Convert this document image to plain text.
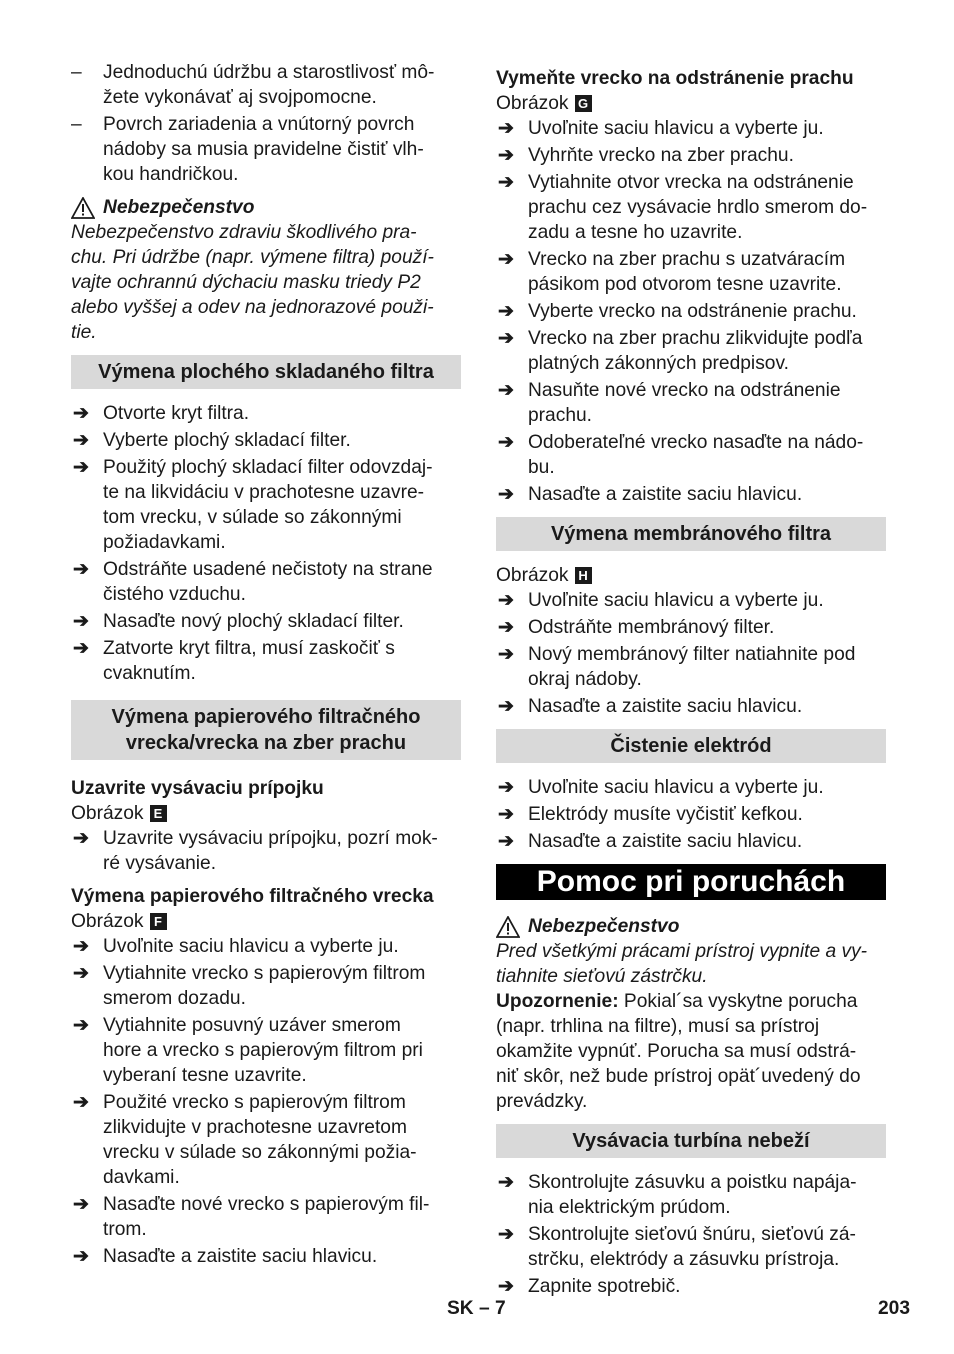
– Jednoduchú údržbu a starostlivosť mô-
žete vykonávať aj svojpomocne.
– Povrch zariadenia a vnútorný povrch
nádoby sa musia pravidelne čistiť vlh-
kou handričkou.
Nebezpečenstvo
Nebezpečenstvo zdraviu škodlivého pra-
chu. Pri údržbe (napr. výmene filtra) použí-
vajte ochrannú dýchaciu masku triedy P2
alebo vyššej a odev na jednorazové použi-
tie.
Výmena plochého skladaného filtra
➔ Otvorte kryt filtra.
➔ Vyberte plochý skladací filter.
➔ Použitý plochý skladací filter odovzdaj-
te na likvidáciu v prachotesne uzavre-
tom vrecku, v súlade so zákonnými
požiadavkami.
➔ Odstráňte usadené nečistoty na strane
čistého vzduchu.
➔ Nasaďte nový plochý skladací filter.
➔ Zatvorte kryt filtra, musí zaskočiť s
cvaknutím.
Výmena papierového filtračného
vrecka/vrecka na zber prachu
Uzavrite vysávaciu prípojku
Obrázok E
➔ Uzavrite vysávaciu prípojku, pozrí mok-
ré vysávanie.
Výmena papierového filtračného vrecka
Obrázok F
➔ Uvoľnite saciu hlavicu a vyberte ju.
➔ Vytiahnite vrecko s papierovým filtrom
smerom dozadu.
➔ Vytiahnite posuvný uzáver smerom
hore a vrecko s papierovým filtrom pri
vyberaní tesne uzavrite.
➔ Použité vrecko s papierovým filtrom
zlikvidujte v prachotesne uzavretom
vrecku v súlade so zákonnými požia-
davkami.
➔ Nasaďte nové vrecko s papierovým fil-
trom.
➔ Nasaďte a zaistite saciu hlavicu.
Vymeňte vrecko na odstránenie prachu
Obrázok G
➔ Uvoľnite saciu hlavicu a vyberte ju.
➔ Vyhrňte vrecko na zber prachu.
➔ Vytiahnite otvor vrecka na odstránenie
prachu cez vysávacie hrdlo smerom do-
zadu a tesne ho uzavrite.
➔ Vrecko na zber prachu s uzatváracím
pásikom pod otvorom tesne uzavrite.
➔ Vyberte vrecko na odstránenie prachu.
➔ Vrecko na zber prachu zlikvidujte podľa
platných zákonných predpisov.
➔ Nasuňte nové vrecko na odstránenie
prachu.
➔ Odoberateľné vrecko nasaďte na nádo-
bu.
➔ Nasaďte a zaistite saciu hlavicu.
Výmena membránového filtra
Obrázok H
➔ Uvoľnite saciu hlavicu a vyberte ju.
➔ Odstráňte membránový filter.
➔ Nový membránový filter natiahnite pod
okraj nádoby.
➔ Nasaďte a zaistite saciu hlavicu.
Čistenie elektród
➔ Uvoľnite saciu hlavicu a vyberte ju.
➔ Elektródy musíte vyčistiť kefkou.
➔ Nasaďte a zaistite saciu hlavicu.
Pomoc pri poruchách
Nebezpečenstvo
Pred všetkými prácami prístroj vypnite a vy-
tiahnite sieťovú zástrčku.
Upozornenie: Pokial´sa vyskytne porucha
(napr. trhlina na filtre), musí sa prístroj
okamžite vypnúť. Porucha sa musí odstrá-
niť skôr, než bude prístroj opät´uvedený do
prevádzky.
Vysávacia turbína nebeží
➔ Skontrolujte zásuvku a poistku napája-
nia elektrickým prúdom.
➔ Skontrolujte sieťovú šnúru, sieťovú zá-
strčku, elektródy a zásuvku prístroja.
➔ Zapnite spotrebič.
SK – 7	203
